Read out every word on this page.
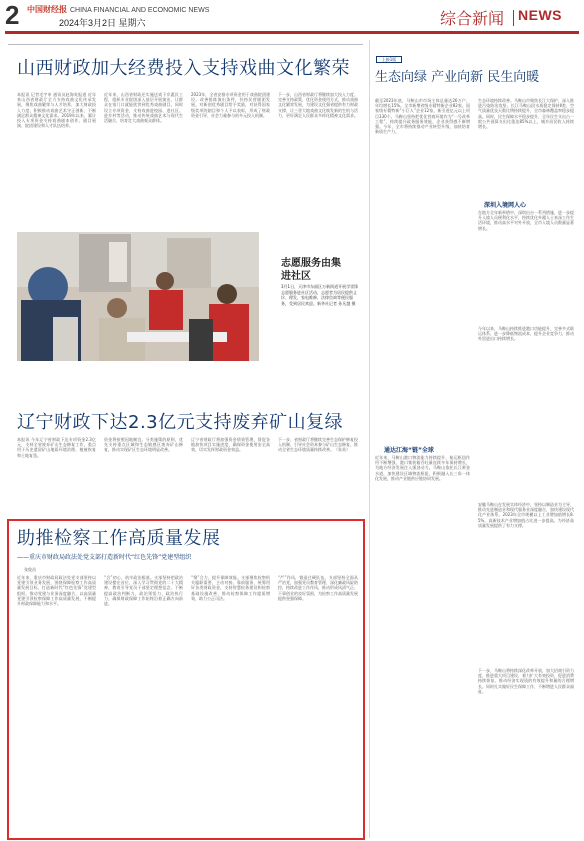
2 中国财经报 CHINA FINANCIAL AND ECONOMIC NEWS
2024年3月2日 星期六	综合新闻 NEWS
山西财政加大经费投入支持戏曲文化繁荣
本报讯 记者毛宇申 通讯员赵海英报道 近年来山西省财政厅全力支持戏曲文化传承发展，聚焦戏曲繁荣与人才培养，加大财政投入力度，积极推动戏曲艺术守正创新，不断满足群众精神文化需求。2019年以来，累计投入专项资金支持戏曲剧本创作、剧目展演、院团建设和人才队伍培养。
近年来，山西省财政还实施送戏下乡惠民工程，组织专业院团深入基层开展演出，让群众在家门口就能欣赏到优秀戏曲剧目。同时设立专项资金，支持戏曲进校园、进社区、进乡村等活动，推动传统戏曲艺术与现代生活融合，培育壮大戏曲观众群体。
2023年，全省安排专项资金用于戏曲院团建设，改善排练演出条件，扶持民营剧团发展。对新创优秀剧目给予奖励，对获得国家级奖项的剧目和个人予以表彰，形成了财政资金引导、社会力量参与的多元投入机制。
下一步，山西省财政厅将继续加大投入力度，完善支持政策，优化资金使用方式，推动戏曲文化繁荣发展，为建设文化强省提供有力财政支撑，让三晋大地戏曲文化焕发新的生机与活力，更好满足人民群众多样化精神文化需求。
志愿服务由集进社区
3月1日，天津市东丽区万新街道开展学雷锋志愿服务进社区活动，志愿者为居民提供义诊、理发、家电维修、法律咨询等便民服务，受到居民欢迎。新华社记者 孙凡越 摄
辽宁财政下达2.3亿元支持废弃矿山复绿
本报讯 今年辽宁省财政下达专项资金2.3亿元，支持全省废弃矿山生态修复工作，重点用于历史遗留矿山地质环境治理、植被恢复和土地复垦。
资金将按照因地制宜、分类施策的原则，优先支持重点区域和生态敏感区废弃矿山修复，推动实现矿区生态环境明显改善。
辽宁省财政厅将加强资金绩效管理，督促各地加快项目实施进度，确保资金使用安全高效，切实发挥财政资金效益。
下一步，省财政厅将继续完善生态保护修复投入机制，引导社会资本参与矿山生态修复，推动全省生态环境质量持续改善。（朱英）
助推检察工作高质量发展
——重庆市财政局政法处党支部打造新时代“红色先锋”党建型组织
张俊昌
近年来，重庆市财政局政法处党支部坚持以党建引领业务发展，围绕保障检察工作高质量发展目标，打造新时代“红色先锋”党建型组织，推动党建与业务深度融合，以高质量党建引领检察保障工作高质量发展，不断提升财政保障能力和水平。
“合”初心，筑牢政治根基。支部坚持把政治建设摆在首位，深入学习贯彻党的二十大精神，教育引导党员干部坚定理想信念，不断提高政治判断力、政治领悟力、政治执行力，确保财政保障工作始终沿着正确方向前进。
“聚”合力，提升保障效能。支部聚焦检察机关履职需要，主动对接、靠前服务，统筹用好各类财政资金，支持智慧检务建设和检察基础设施改善，推动检察保障工作提质增效，助力公正司法。
“严”作风，锻造过硬队伍。支部坚持全面从严治党，加强党员教育管理，深化廉政风险防控，持续改进工作作风，推动形成风清气正、干事创业的良好氛围，为检察工作高质量发展提供坚强保障。
上接1版
生态向绿 产业向新 民生向暖
截至2023年底，马鞍山市市场主体总量达26万户，年均增长15%。全市新增省级专精特新企业82家，国家级专精特新“小巨人”企业12家，新引进亿元以上项目330个。马鞍山坚持把优化营商环境作为“一号改革工程”，持续提升政务服务效能，企业获得感不断增强。今年，全市将持续推动产业转型升级，加快培育新质生产力。
生态环境持续改善。马鞍山市聚焦长江大保护，深入推进污染防治攻坚，长江马鞍山段水质稳定保持Ⅱ类，空气质量优良天数比例持续提升，全市森林覆盖率稳步提高。同时，民生保障水平稳步提升，全年民生支出占一般公共预算支出比重达85%以上，城乡居民收入持续增长。
深圳入境网人心
在地方全年新举措中，深圳出台一系列措施，进一步提升入境人员便利化水平，持续优化外籍人士来深工作生活环境，推动高水平对外开放，全市入境人员数量显著增长。
通达江海“链”全球
近年来，马鞍山港口物流能力持续提升，航运枢纽作用不断增强，港口集装箱吞吐量连续多年保持增长，为地方经济发展注入强劲动力。马鞍山依托长江黄金水道，加快建设区域物流枢纽，积极融入长三角一体化发展，推动产业链供应链协同发展。
今年以来，马鞍山持续推进港口功能提升，完善多式联运体系，进一步降低物流成本，提升企业竞争力，推动外贸进出口持续增长。
安徽马鞍山在发展实体经济中，坚持以制造业为主导，推动先进制造业和现代服务业深度融合，加快建设现代化产业体系。2023年全市规模以上工业增加值增长8.5%，高新技术产业增加值占比进一步提高，为经济高质量发展提供了有力支撑。
下一步，马鞍山将持续深化改革开放，加大招商引资力度，推进重大项目建设，着力扩大有效投资，促进消费持续恢复，推动经济实现质的有效提升和量的合理增长。同时扎实做好民生保障工作，不断增进人民群众福祉。
